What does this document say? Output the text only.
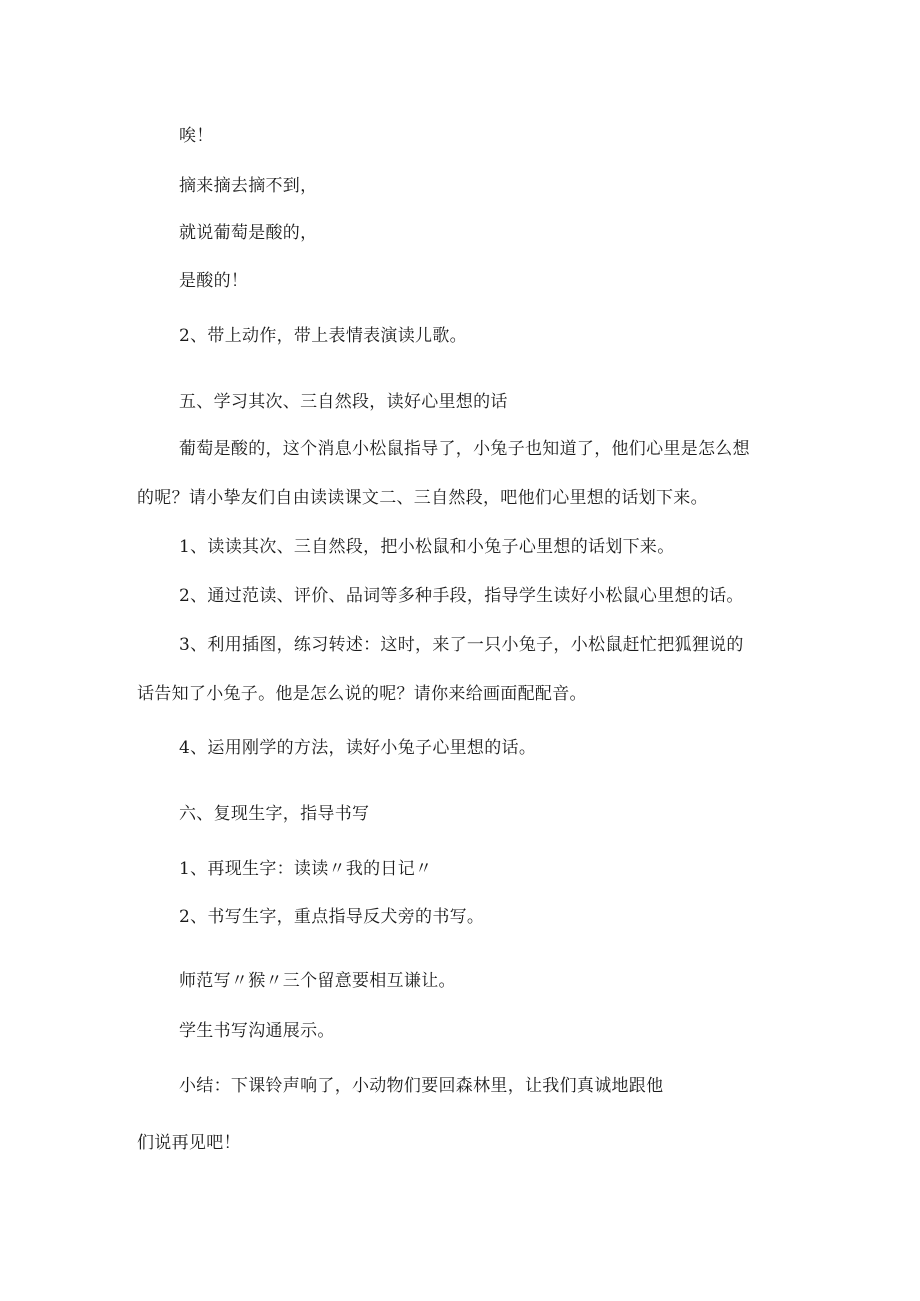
唉！
摘来摘去摘不到，
就说葡萄是酸的，
是酸的！
2、带上动作，带上表情表演读儿歌。
五、学习其次、三自然段，读好心里想的话
葡萄是酸的，这个消息小松鼠指导了，小兔子也知道了，他们心里是怎么想
的呢？请小挚友们自由读读课文二、三自然段，吧他们心里想的话划下来。
1、读读其次、三自然段，把小松鼠和小兔子心里想的话划下来。
2、通过范读、评价、品词等多种手段，指导学生读好小松鼠心里想的话。
3、利用插图，练习转述：这时，来了一只小兔子，小松鼠赶忙把狐狸说的
话告知了小兔子。他是怎么说的呢？请你来给画面配配音。
4、运用刚学的方法，读好小兔子心里想的话。
六、复现生字，指导书写
1、再现生字：读读〃我的日记〃
2、书写生字，重点指导反犬旁的书写。
师范写〃猴〃三个留意要相互谦让。
学生书写沟通展示。
小结：下课铃声响了，小动物们要回森林里，让我们真诚地跟他
们说再见吧！
